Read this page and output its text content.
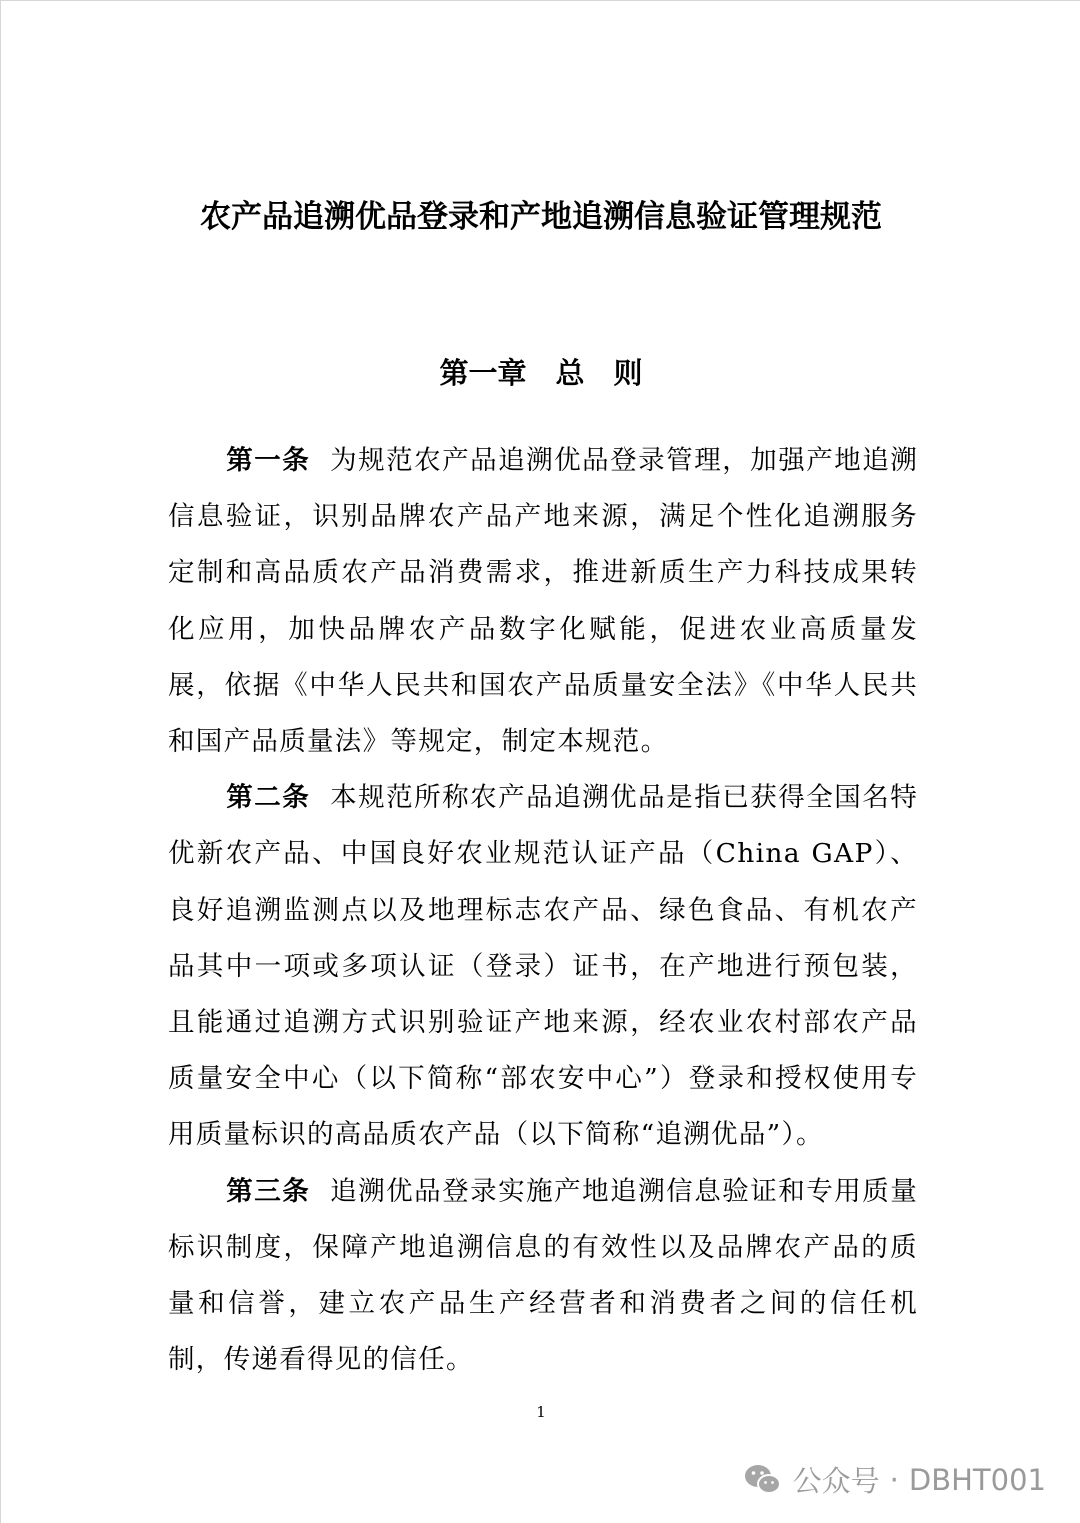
农产品追溯优品登录和产地追溯信息验证管理规范
第一章　总　则

第一条 为规范农产品追溯优品登录管理，加强产地追溯信息验证，识别品牌农产品产地来源，满足个性化追溯服务定制和高品质农产品消费需求，推进新质生产力科技成果转化应用，加快品牌农产品数字化赋能，促进农业高质量发展，依据《中华人民共和国农产品质量安全法》《中华人民共和国产品质量法》等规定，制定本规范。

第二条 本规范所称农产品追溯优品是指已获得全国名特优新农产品、中国良好农业规范认证产品（China GAP）、良好追溯监测点以及地理标志农产品、绿色食品、有机农产品其中一项或多项认证（登录）证书，在产地进行预包装，且能通过追溯方式识别验证产地来源，经农业农村部农产品质量安全中心（以下简称“部农安中心”）登录和授权使用专用质量标识的高品质农产品（以下简称“追溯优品”）。

第三条 追溯优品登录实施产地追溯信息验证和专用质量标识制度，保障产地追溯信息的有效性以及品牌农产品的质量和信誉，建立农产品生产经营者和消费者之间的信任机制，传递看得见的信任。

1
公众号 · DBHT001
